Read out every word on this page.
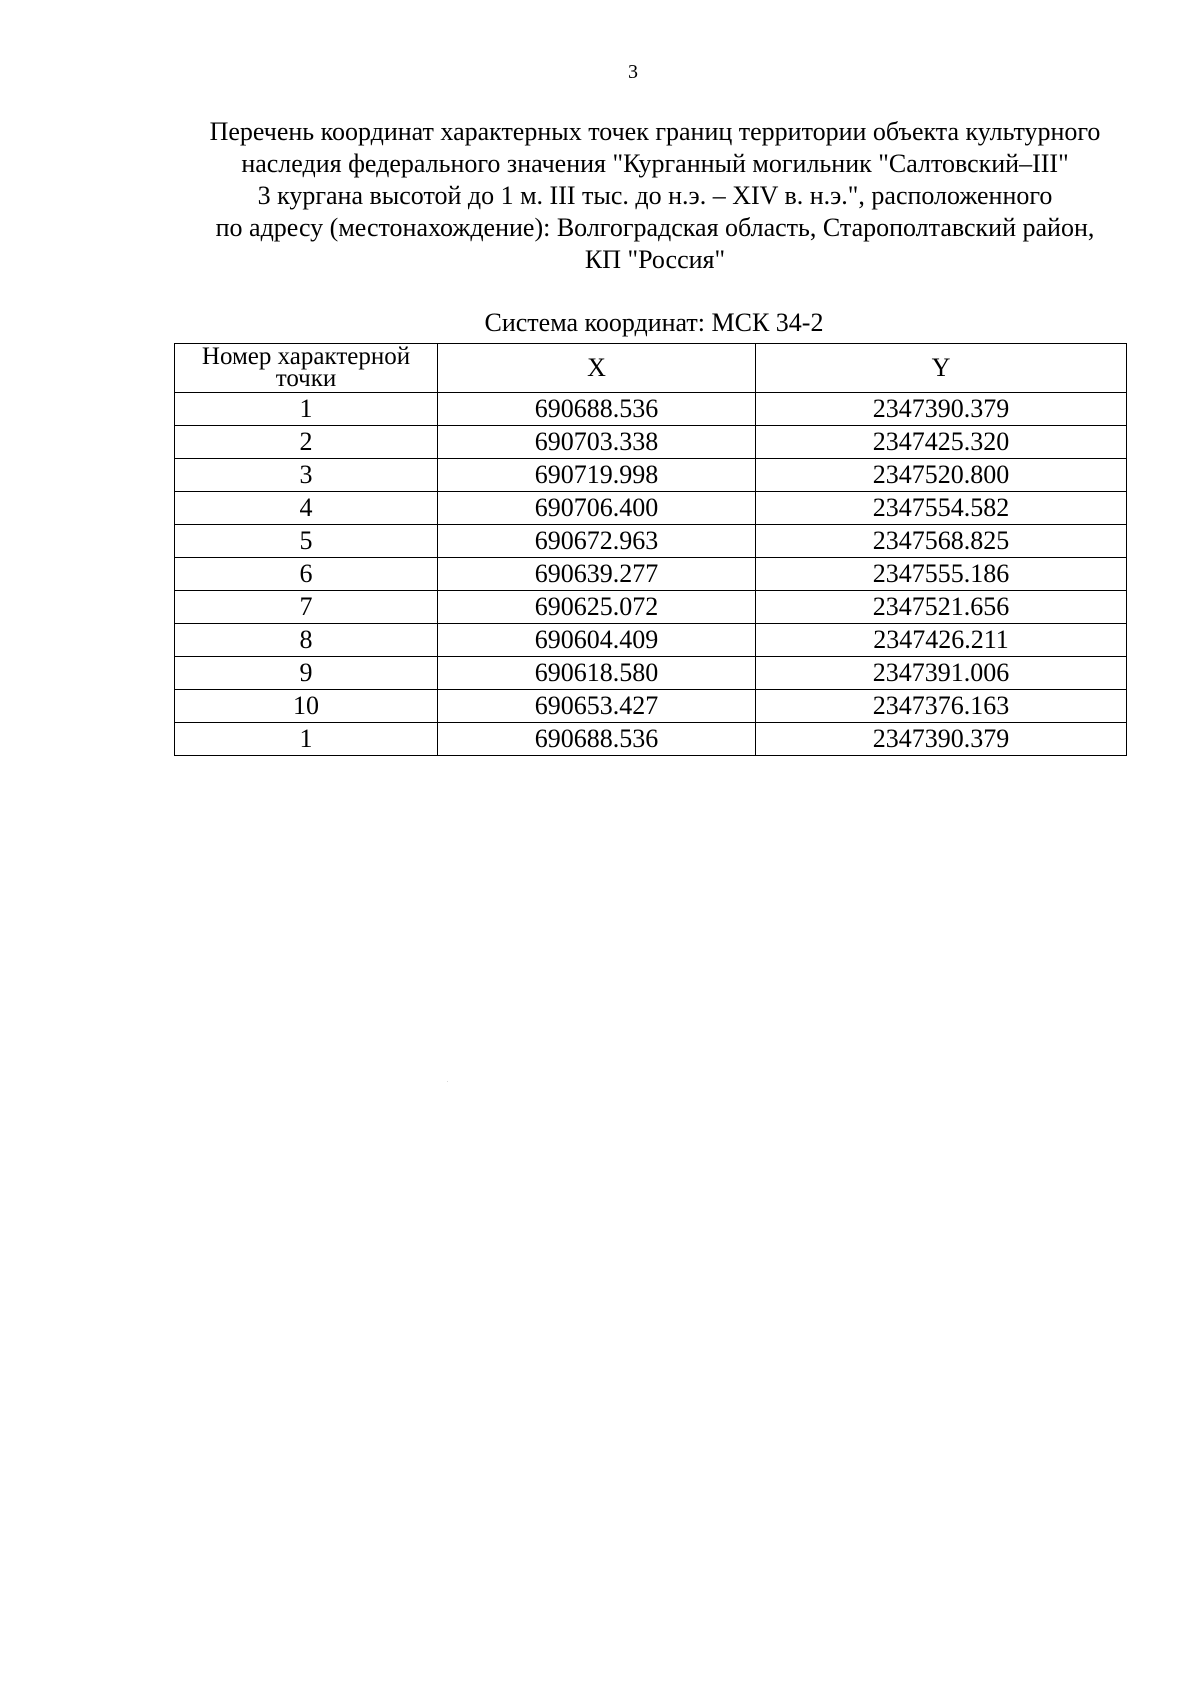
3
Перечень координат характерных точек границ территории объекта культурного
наследия федерального значения "Курганный могильник "Салтовский–III"
3 кургана высотой до 1 м. III тыс. до н.э. – XIV в. н.э.", расположенного
по адресу (местонахождение): Волгоградская область, Старополтавский район,
КП "Россия"
Система координат: МСК 34-2
Номер характерной точки	X	Y
1	690688.536	2347390.379
2	690703.338	2347425.320
3	690719.998	2347520.800
4	690706.400	2347554.582
5	690672.963	2347568.825
6	690639.277	2347555.186
7	690625.072	2347521.656
8	690604.409	2347426.211
9	690618.580	2347391.006
10	690653.427	2347376.163
1	690688.536	2347390.379
